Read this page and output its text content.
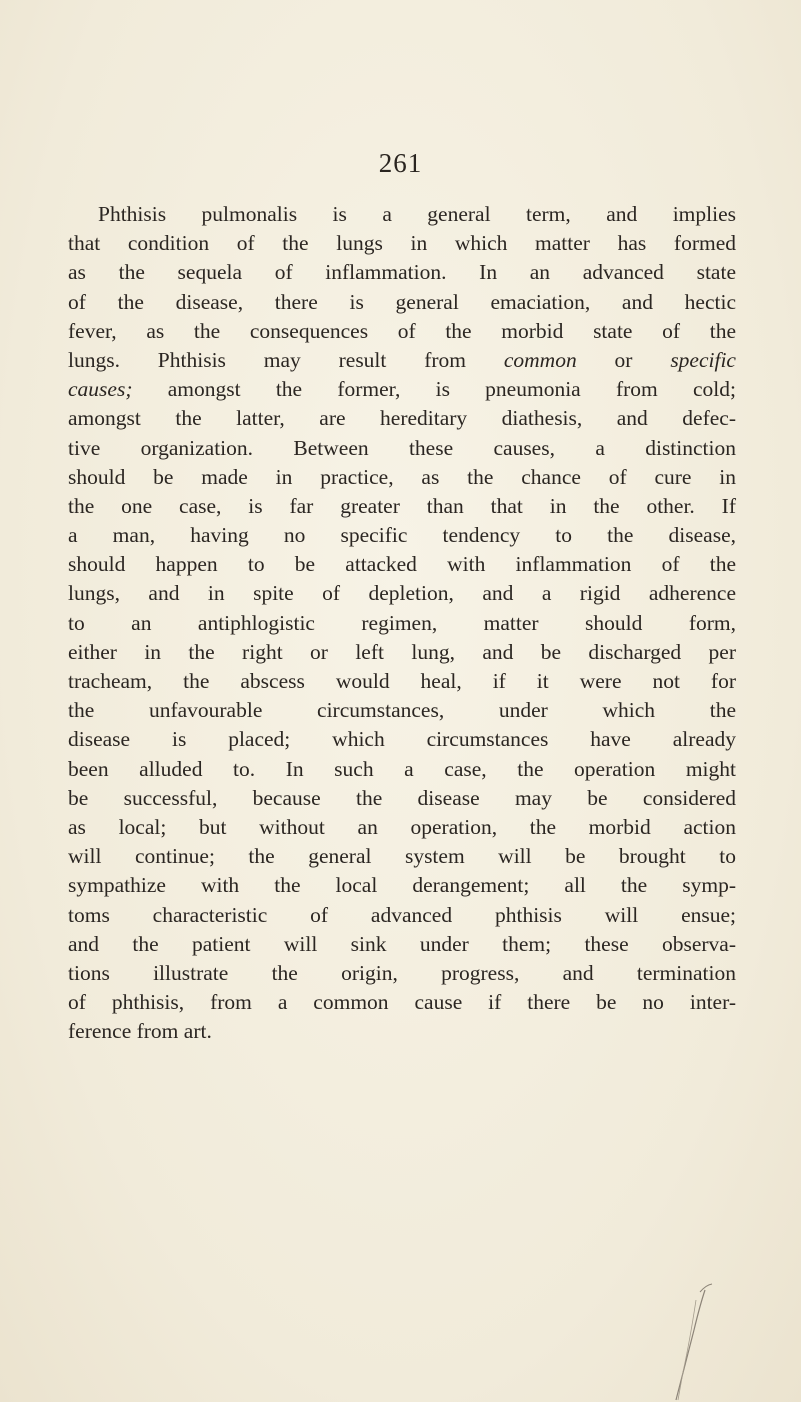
261
Phthisis pulmonalis is a general term, and implies
that condition of the lungs in which matter has formed
as the sequela of inflammation. In an advanced state
of the disease, there is general emaciation, and hectic
fever, as the consequences of the morbid state of the
lungs. Phthisis may result from common or specific
causes; amongst the former, is pneumonia from cold;
amongst the latter, are hereditary diathesis, and defec-
tive organization. Between these causes, a distinction
should be made in practice, as the chance of cure in
the one case, is far greater than that in the other. If
a man, having no specific tendency to the disease,
should happen to be attacked with inflammation of the
lungs, and in spite of depletion, and a rigid adherence
to an antiphlogistic regimen, matter should form,
either in the right or left lung, and be discharged per
tracheam, the abscess would heal, if it were not for
the unfavourable circumstances, under which the
disease is placed; which circumstances have already
been alluded to. In such a case, the operation might
be successful, because the disease may be considered
as local; but without an operation, the morbid action
will continue; the general system will be brought to
sympathize with the local derangement; all the symp-
toms characteristic of advanced phthisis will ensue;
and the patient will sink under them; these observa-
tions illustrate the origin, progress, and termination
of phthisis, from a common cause if there be no inter-
ference from art.
